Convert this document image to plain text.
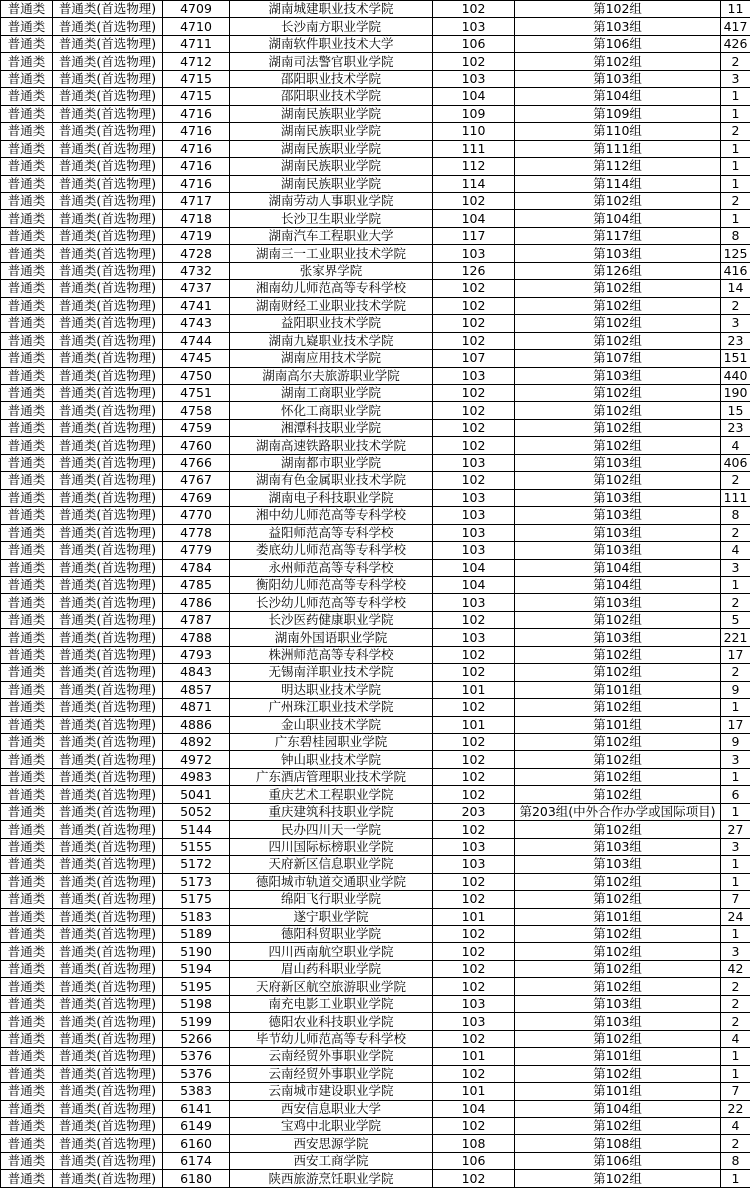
普通类	普通类(首选物理)	4709	湖南城建职业技术学院	102	第102组	11
普通类	普通类(首选物理)	4710	长沙南方职业学院	103	第103组	417
普通类	普通类(首选物理)	4711	湖南软件职业技术大学	106	第106组	426
普通类	普通类(首选物理)	4712	湖南司法警官职业学院	102	第102组	2
普通类	普通类(首选物理)	4715	邵阳职业技术学院	103	第103组	3
普通类	普通类(首选物理)	4715	邵阳职业技术学院	104	第104组	1
普通类	普通类(首选物理)	4716	湖南民族职业学院	109	第109组	1
普通类	普通类(首选物理)	4716	湖南民族职业学院	110	第110组	2
普通类	普通类(首选物理)	4716	湖南民族职业学院	111	第111组	1
普通类	普通类(首选物理)	4716	湖南民族职业学院	112	第112组	1
普通类	普通类(首选物理)	4716	湖南民族职业学院	114	第114组	1
普通类	普通类(首选物理)	4717	湖南劳动人事职业学院	102	第102组	2
普通类	普通类(首选物理)	4718	长沙卫生职业学院	104	第104组	1
普通类	普通类(首选物理)	4719	湖南汽车工程职业大学	117	第117组	8
普通类	普通类(首选物理)	4728	湖南三一工业职业技术学院	103	第103组	125
普通类	普通类(首选物理)	4732	张家界学院	126	第126组	416
普通类	普通类(首选物理)	4737	湘南幼儿师范高等专科学校	102	第102组	14
普通类	普通类(首选物理)	4741	湖南财经工业职业技术学院	102	第102组	2
普通类	普通类(首选物理)	4743	益阳职业技术学院	102	第102组	3
普通类	普通类(首选物理)	4744	湖南九嶷职业技术学院	102	第102组	23
普通类	普通类(首选物理)	4745	湖南应用技术学院	107	第107组	151
普通类	普通类(首选物理)	4750	湖南高尔夫旅游职业学院	103	第103组	440
普通类	普通类(首选物理)	4751	湖南工商职业学院	102	第102组	190
普通类	普通类(首选物理)	4758	怀化工商职业学院	102	第102组	15
普通类	普通类(首选物理)	4759	湘潭科技职业学院	102	第102组	23
普通类	普通类(首选物理)	4760	湖南高速铁路职业技术学院	102	第102组	4
普通类	普通类(首选物理)	4766	湖南都市职业学院	103	第103组	406
普通类	普通类(首选物理)	4767	湖南有色金属职业技术学院	102	第102组	2
普通类	普通类(首选物理)	4769	湖南电子科技职业学院	103	第103组	111
普通类	普通类(首选物理)	4770	湘中幼儿师范高等专科学校	103	第103组	8
普通类	普通类(首选物理)	4778	益阳师范高等专科学校	103	第103组	2
普通类	普通类(首选物理)	4779	娄底幼儿师范高等专科学校	103	第103组	4
普通类	普通类(首选物理)	4784	永州师范高等专科学校	104	第104组	3
普通类	普通类(首选物理)	4785	衡阳幼儿师范高等专科学校	104	第104组	1
普通类	普通类(首选物理)	4786	长沙幼儿师范高等专科学校	103	第103组	2
普通类	普通类(首选物理)	4787	长沙医药健康职业学院	102	第102组	5
普通类	普通类(首选物理)	4788	湖南外国语职业学院	103	第103组	221
普通类	普通类(首选物理)	4793	株洲师范高等专科学校	102	第102组	17
普通类	普通类(首选物理)	4843	无锡南洋职业技术学院	102	第102组	2
普通类	普通类(首选物理)	4857	明达职业技术学院	101	第101组	9
普通类	普通类(首选物理)	4871	广州珠江职业技术学院	102	第102组	1
普通类	普通类(首选物理)	4886	金山职业技术学院	101	第101组	17
普通类	普通类(首选物理)	4892	广东碧桂园职业学院	102	第102组	9
普通类	普通类(首选物理)	4972	钟山职业技术学院	102	第102组	3
普通类	普通类(首选物理)	4983	广东酒店管理职业技术学院	102	第102组	1
普通类	普通类(首选物理)	5041	重庆艺术工程职业学院	102	第102组	6
普通类	普通类(首选物理)	5052	重庆建筑科技职业学院	203	第203组(中外合作办学或国际项目)	1
普通类	普通类(首选物理)	5144	民办四川天一学院	102	第102组	27
普通类	普通类(首选物理)	5155	四川国际标榜职业学院	103	第103组	3
普通类	普通类(首选物理)	5172	天府新区信息职业学院	103	第103组	1
普通类	普通类(首选物理)	5173	德阳城市轨道交通职业学院	102	第102组	1
普通类	普通类(首选物理)	5175	绵阳飞行职业学院	102	第102组	7
普通类	普通类(首选物理)	5183	遂宁职业学院	101	第101组	24
普通类	普通类(首选物理)	5189	德阳科贸职业学院	102	第102组	1
普通类	普通类(首选物理)	5190	四川西南航空职业学院	102	第102组	3
普通类	普通类(首选物理)	5194	眉山药科职业学院	102	第102组	42
普通类	普通类(首选物理)	5195	天府新区航空旅游职业学院	102	第102组	2
普通类	普通类(首选物理)	5198	南充电影工业职业学院	103	第103组	2
普通类	普通类(首选物理)	5199	德阳农业科技职业学院	103	第103组	2
普通类	普通类(首选物理)	5266	毕节幼儿师范高等专科学校	102	第102组	4
普通类	普通类(首选物理)	5376	云南经贸外事职业学院	101	第101组	1
普通类	普通类(首选物理)	5376	云南经贸外事职业学院	102	第102组	1
普通类	普通类(首选物理)	5383	云南城市建设职业学院	101	第101组	7
普通类	普通类(首选物理)	6141	西安信息职业大学	104	第104组	22
普通类	普通类(首选物理)	6149	宝鸡中北职业学院	102	第102组	4
普通类	普通类(首选物理)	6160	西安思源学院	108	第108组	2
普通类	普通类(首选物理)	6174	西安工商学院	106	第106组	8
普通类	普通类(首选物理)	6180	陕西旅游烹饪职业学院	102	第102组	1
